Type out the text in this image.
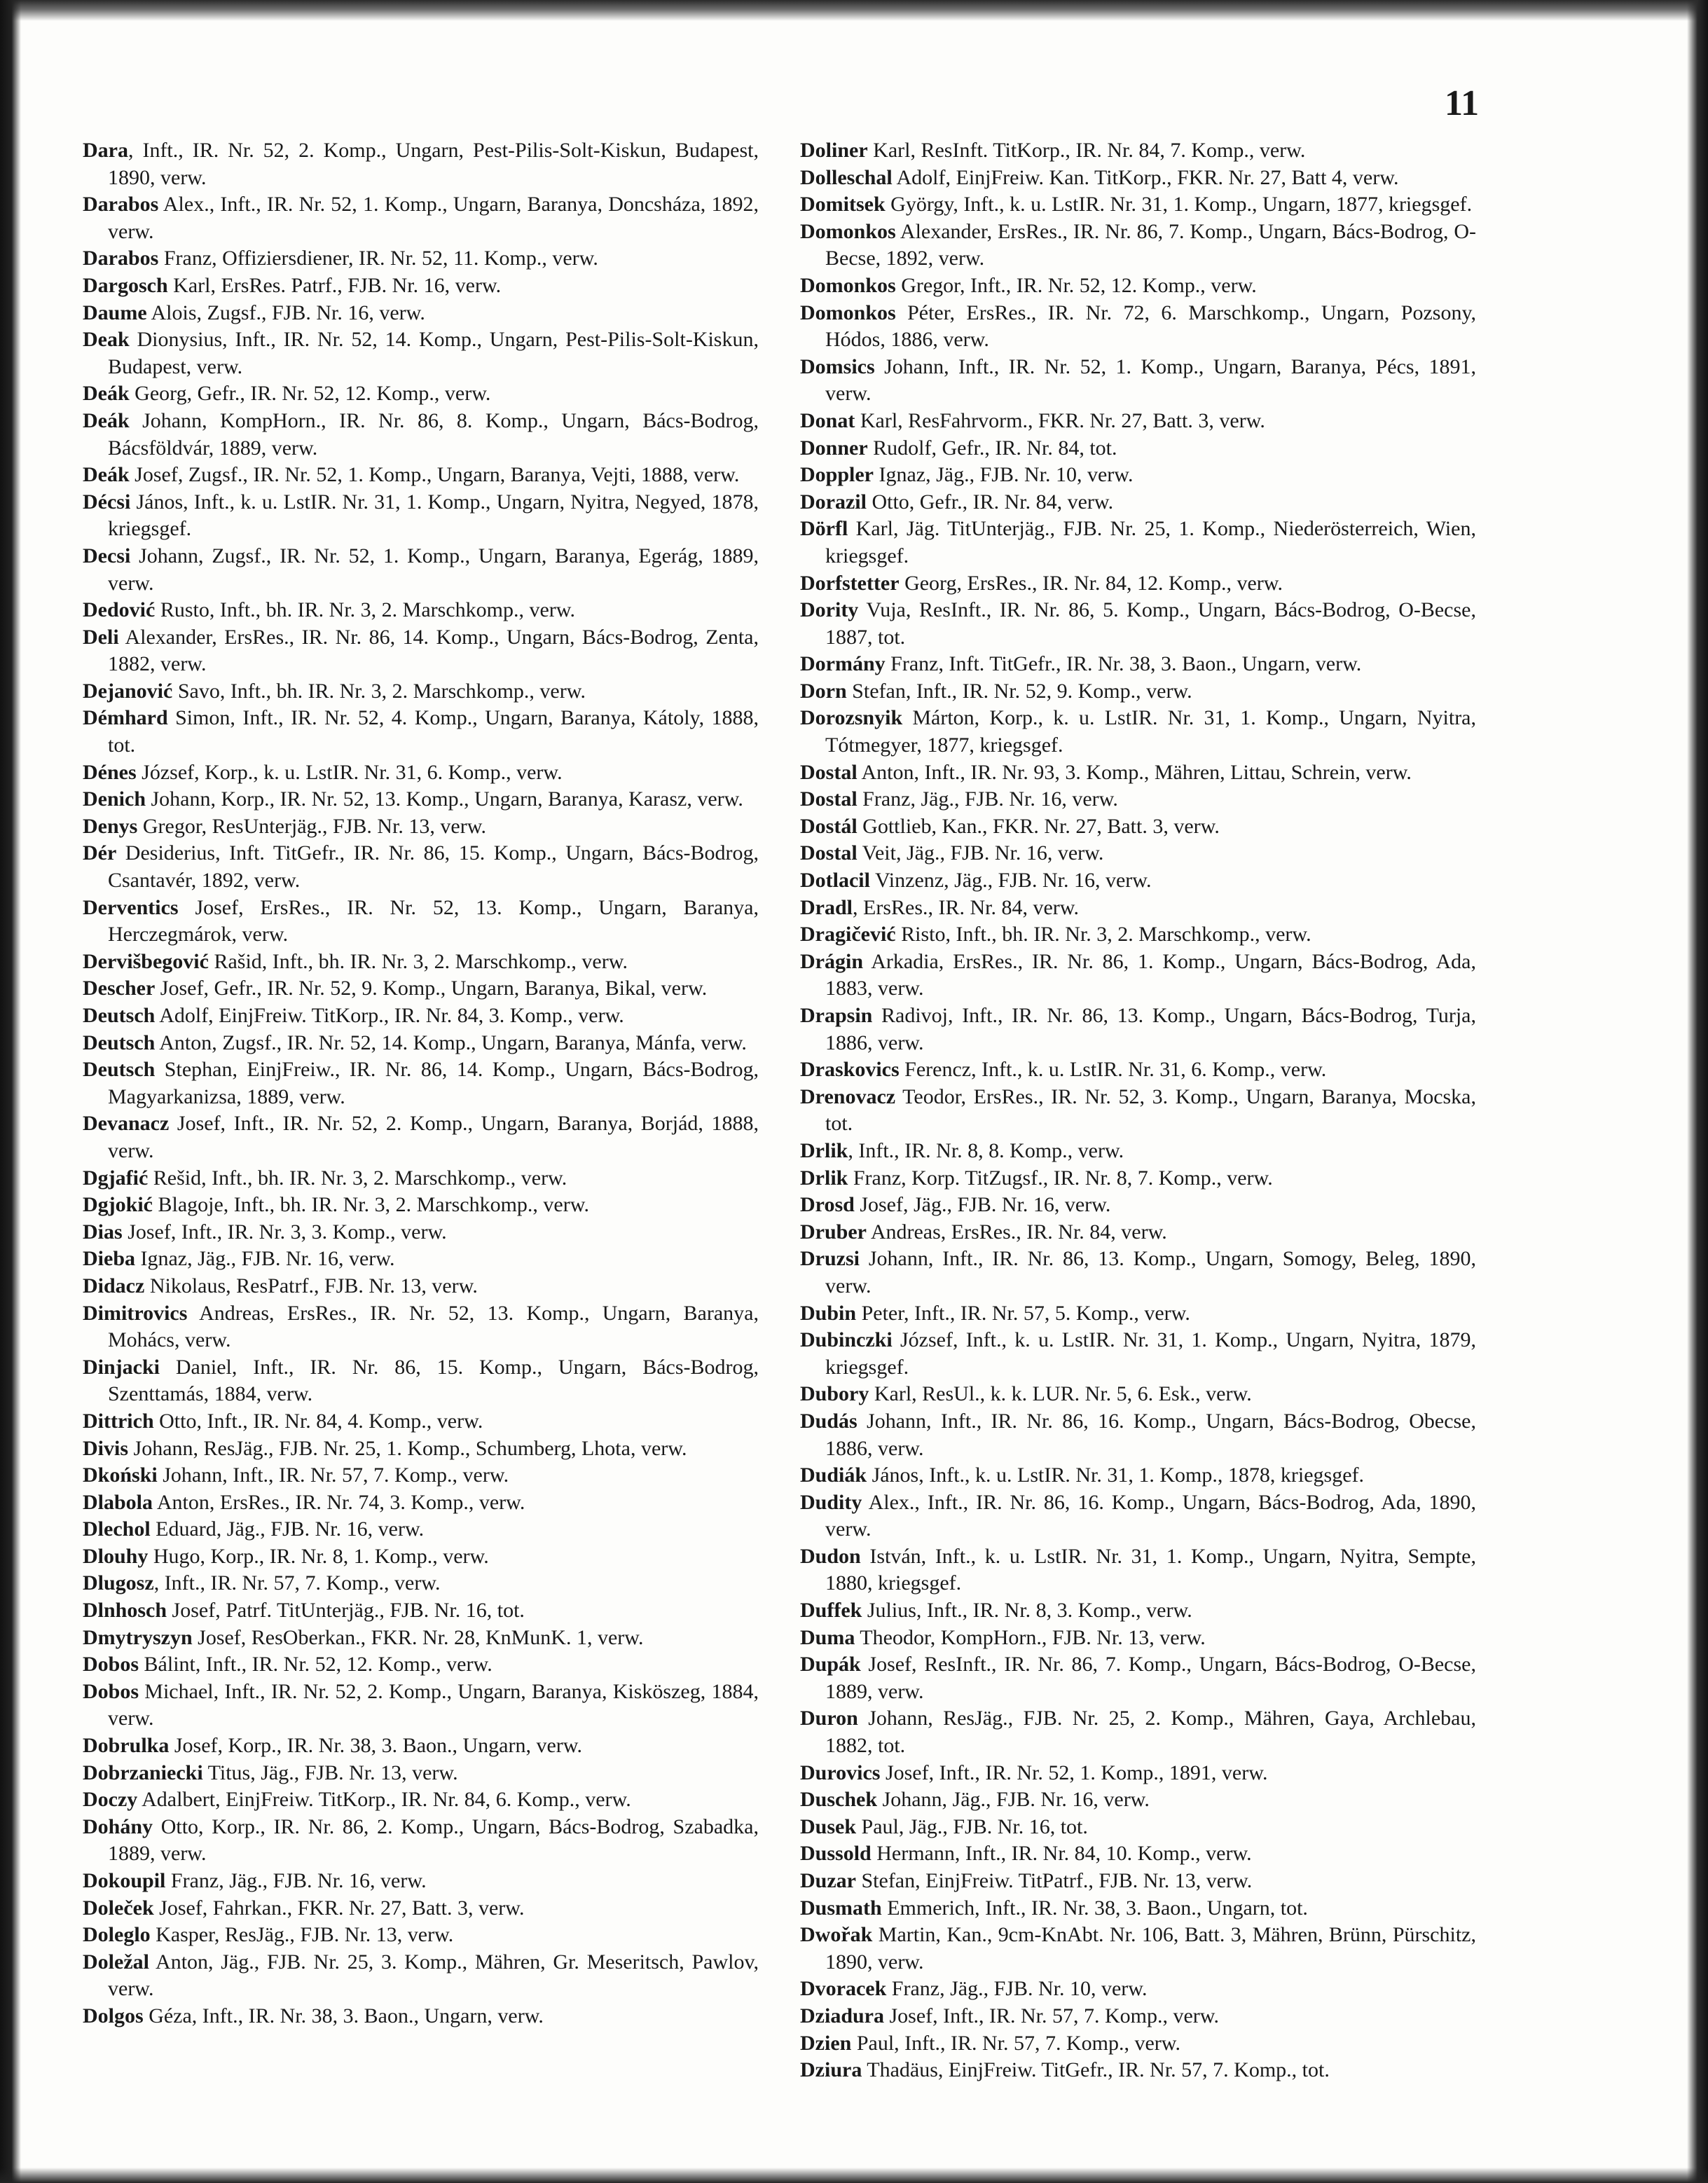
11

Dara, Inft., IR. Nr. 52, 2. Komp., Ungarn, Pest-Pilis-Solt-Kiskun, Budapest, 1890, verw.

Darabos Alex., Inft., IR. Nr. 52, 1. Komp., Ungarn, Baranya, Doncsháza, 1892, verw.

Darabos Franz, Offiziersdiener, IR. Nr. 52, 11. Komp., verw.

Dargosch Karl, ErsRes. Patrf., FJB. Nr. 16, verw.

Daume Alois, Zugsf., FJB. Nr. 16, verw.

Deak Dionysius, Inft., IR. Nr. 52, 14. Komp., Ungarn, Pest-Pilis-Solt-Kiskun, Budapest, verw.

Deák Georg, Gefr., IR. Nr. 52, 12. Komp., verw.

Deák Johann, KompHorn., IR. Nr. 86, 8. Komp., Ungarn, Bács-Bodrog, Bácsföldvár, 1889, verw.

Deák Josef, Zugsf., IR. Nr. 52, 1. Komp., Ungarn, Baranya, Vejti, 1888, verw.

Décsi János, Inft., k. u. LstIR. Nr. 31, 1. Komp., Ungarn, Nyitra, Negyed, 1878, kriegsgef.

Decsi Johann, Zugsf., IR. Nr. 52, 1. Komp., Ungarn, Baranya, Egerág, 1889, verw.

Dedović Rusto, Inft., bh. IR. Nr. 3, 2. Marschkomp., verw.

Deli Alexander, ErsRes., IR. Nr. 86, 14. Komp., Ungarn, Bács-Bodrog, Zenta, 1882, verw.

Dejanović Savo, Inft., bh. IR. Nr. 3, 2. Marschkomp., verw.

Démhard Simon, Inft., IR. Nr. 52, 4. Komp., Ungarn, Baranya, Kátoly, 1888, tot.

Dénes József, Korp., k. u. LstIR. Nr. 31, 6. Komp., verw.

Denich Johann, Korp., IR. Nr. 52, 13. Komp., Ungarn, Baranya, Karasz, verw.

Denys Gregor, ResUnterjäg., FJB. Nr. 13, verw.

Dér Desiderius, Inft. TitGefr., IR. Nr. 86, 15. Komp., Ungarn, Bács-Bodrog, Csantavér, 1892, verw.

Derventics Josef, ErsRes., IR. Nr. 52, 13. Komp., Ungarn, Baranya, Herczegmárok, verw.

Dervišbegović Rašid, Inft., bh. IR. Nr. 3, 2. Marschkomp., verw.

Descher Josef, Gefr., IR. Nr. 52, 9. Komp., Ungarn, Baranya, Bikal, verw.

Deutsch Adolf, EinjFreiw. TitKorp., IR. Nr. 84, 3. Komp., verw.

Deutsch Anton, Zugsf., IR. Nr. 52, 14. Komp., Ungarn, Baranya, Mánfa, verw.

Deutsch Stephan, EinjFreiw., IR. Nr. 86, 14. Komp., Ungarn, Bács-Bodrog, Magyarkanizsa, 1889, verw.

Devanacz Josef, Inft., IR. Nr. 52, 2. Komp., Ungarn, Baranya, Borjád, 1888, verw.

Dgjafić Rešid, Inft., bh. IR. Nr. 3, 2. Marschkomp., verw.

Dgjokić Blagoje, Inft., bh. IR. Nr. 3, 2. Marschkomp., verw.

Dias Josef, Inft., IR. Nr. 3, 3. Komp., verw.

Dieba Ignaz, Jäg., FJB. Nr. 16, verw.

Didacz Nikolaus, ResPatrf., FJB. Nr. 13, verw.

Dimitrovics Andreas, ErsRes., IR. Nr. 52, 13. Komp., Ungarn, Baranya, Mohács, verw.

Dinjacki Daniel, Inft., IR. Nr. 86, 15. Komp., Ungarn, Bács-Bodrog, Szenttamás, 1884, verw.

Dittrich Otto, Inft., IR. Nr. 84, 4. Komp., verw.

Divis Johann, ResJäg., FJB. Nr. 25, 1. Komp., Schumberg, Lhota, verw.

Dkoński Johann, Inft., IR. Nr. 57, 7. Komp., verw.

Dlabola Anton, ErsRes., IR. Nr. 74, 3. Komp., verw.

Dlechol Eduard, Jäg., FJB. Nr. 16, verw.

Dlouhy Hugo, Korp., IR. Nr. 8, 1. Komp., verw.

Dlugosz, Inft., IR. Nr. 57, 7. Komp., verw.

Dlnhosch Josef, Patrf. TitUnterjäg., FJB. Nr. 16, tot.

Dmytryszyn Josef, ResOberkan., FKR. Nr. 28, KnMunK. 1, verw.

Dobos Bálint, Inft., IR. Nr. 52, 12. Komp., verw.

Dobos Michael, Inft., IR. Nr. 52, 2. Komp., Ungarn, Baranya, Kisköszeg, 1884, verw.

Dobrulka Josef, Korp., IR. Nr. 38, 3. Baon., Ungarn, verw.

Dobrzaniecki Titus, Jäg., FJB. Nr. 13, verw.

Doczy Adalbert, EinjFreiw. TitKorp., IR. Nr. 84, 6. Komp., verw.

Dohány Otto, Korp., IR. Nr. 86, 2. Komp., Ungarn, Bács-Bodrog, Szabadka, 1889, verw.

Dokoupil Franz, Jäg., FJB. Nr. 16, verw.

Doleček Josef, Fahrkan., FKR. Nr. 27, Batt. 3, verw.

Doleglo Kasper, ResJäg., FJB. Nr. 13, verw.

Doležal Anton, Jäg., FJB. Nr. 25, 3. Komp., Mähren, Gr. Meseritsch, Pawlov, verw.

Dolgos Géza, Inft., IR. Nr. 38, 3. Baon., Ungarn, verw.

Doliner Karl, ResInft. TitKorp., IR. Nr. 84, 7. Komp., verw.

Dolleschal Adolf, EinjFreiw. Kan. TitKorp., FKR. Nr. 27, Batt 4, verw.

Domitsek György, Inft., k. u. LstIR. Nr. 31, 1. Komp., Ungarn, 1877, kriegsgef.

Domonkos Alexander, ErsRes., IR. Nr. 86, 7. Komp., Ungarn, Bács-Bodrog, O-Becse, 1892, verw.

Domonkos Gregor, Inft., IR. Nr. 52, 12. Komp., verw.

Domonkos Péter, ErsRes., IR. Nr. 72, 6. Marschkomp., Ungarn, Pozsony, Hódos, 1886, verw.

Domsics Johann, Inft., IR. Nr. 52, 1. Komp., Ungarn, Baranya, Pécs, 1891, verw.

Donat Karl, ResFahrvorm., FKR. Nr. 27, Batt. 3, verw.

Donner Rudolf, Gefr., IR. Nr. 84, tot.

Doppler Ignaz, Jäg., FJB. Nr. 10, verw.

Dorazil Otto, Gefr., IR. Nr. 84, verw.

Dörfl Karl, Jäg. TitUnterjäg., FJB. Nr. 25, 1. Komp., Niederösterreich, Wien, kriegsgef.

Dorfstetter Georg, ErsRes., IR. Nr. 84, 12. Komp., verw.

Dority Vuja, ResInft., IR. Nr. 86, 5. Komp., Ungarn, Bács-Bodrog, O-Becse, 1887, tot.

Dormány Franz, Inft. TitGefr., IR. Nr. 38, 3. Baon., Ungarn, verw.

Dorn Stefan, Inft., IR. Nr. 52, 9. Komp., verw.

Dorozsnyik Márton, Korp., k. u. LstIR. Nr. 31, 1. Komp., Ungarn, Nyitra, Tótmegyer, 1877, kriegsgef.

Dostal Anton, Inft., IR. Nr. 93, 3. Komp., Mähren, Littau, Schrein, verw.

Dostal Franz, Jäg., FJB. Nr. 16, verw.

Dostál Gottlieb, Kan., FKR. Nr. 27, Batt. 3, verw.

Dostal Veit, Jäg., FJB. Nr. 16, verw.

Dotlacil Vinzenz, Jäg., FJB. Nr. 16, verw.

Dradl, ErsRes., IR. Nr. 84, verw.

Dragičević Risto, Inft., bh. IR. Nr. 3, 2. Marschkomp., verw.

Drágin Arkadia, ErsRes., IR. Nr. 86, 1. Komp., Ungarn, Bács-Bodrog, Ada, 1883, verw.

Drapsin Radivoj, Inft., IR. Nr. 86, 13. Komp., Ungarn, Bács-Bodrog, Turja, 1886, verw.

Draskovics Ferencz, Inft., k. u. LstIR. Nr. 31, 6. Komp., verw.

Drenovacz Teodor, ErsRes., IR. Nr. 52, 3. Komp., Ungarn, Baranya, Mocska, tot.

Drlik, Inft., IR. Nr. 8, 8. Komp., verw.

Drlik Franz, Korp. TitZugsf., IR. Nr. 8, 7. Komp., verw.

Drosd Josef, Jäg., FJB. Nr. 16, verw.

Druber Andreas, ErsRes., IR. Nr. 84, verw.

Druzsi Johann, Inft., IR. Nr. 86, 13. Komp., Ungarn, Somogy, Beleg, 1890, verw.

Dubin Peter, Inft., IR. Nr. 57, 5. Komp., verw.

Dubinczki József, Inft., k. u. LstIR. Nr. 31, 1. Komp., Ungarn, Nyitra, 1879, kriegsgef.

Dubory Karl, ResUl., k. k. LUR. Nr. 5, 6. Esk., verw.

Dudás Johann, Inft., IR. Nr. 86, 16. Komp., Ungarn, Bács-Bodrog, Obecse, 1886, verw.

Dudiák János, Inft., k. u. LstIR. Nr. 31, 1. Komp., 1878, kriegsgef.

Dudity Alex., Inft., IR. Nr. 86, 16. Komp., Ungarn, Bács-Bodrog, Ada, 1890, verw.

Dudon István, Inft., k. u. LstIR. Nr. 31, 1. Komp., Ungarn, Nyitra, Sempte, 1880, kriegsgef.

Duffek Julius, Inft., IR. Nr. 8, 3. Komp., verw.

Duma Theodor, KompHorn., FJB. Nr. 13, verw.

Dupák Josef, ResInft., IR. Nr. 86, 7. Komp., Ungarn, Bács-Bodrog, O-Becse, 1889, verw.

Duron Johann, ResJäg., FJB. Nr. 25, 2. Komp., Mähren, Gaya, Archlebau, 1882, tot.

Durovics Josef, Inft., IR. Nr. 52, 1. Komp., 1891, verw.

Duschek Johann, Jäg., FJB. Nr. 16, verw.

Dusek Paul, Jäg., FJB. Nr. 16, tot.

Dussold Hermann, Inft., IR. Nr. 84, 10. Komp., verw.

Duzar Stefan, EinjFreiw. TitPatrf., FJB. Nr. 13, verw.

Dusmath Emmerich, Inft., IR. Nr. 38, 3. Baon., Ungarn, tot.

Dwořak Martin, Kan., 9cm-KnAbt. Nr. 106, Batt. 3, Mähren, Brünn, Pürschitz, 1890, verw.

Dvoracek Franz, Jäg., FJB. Nr. 10, verw.

Dziadura Josef, Inft., IR. Nr. 57, 7. Komp., verw.

Dzien Paul, Inft., IR. Nr. 57, 7. Komp., verw.

Dziura Thadäus, EinjFreiw. TitGefr., IR. Nr. 57, 7. Komp., tot.
